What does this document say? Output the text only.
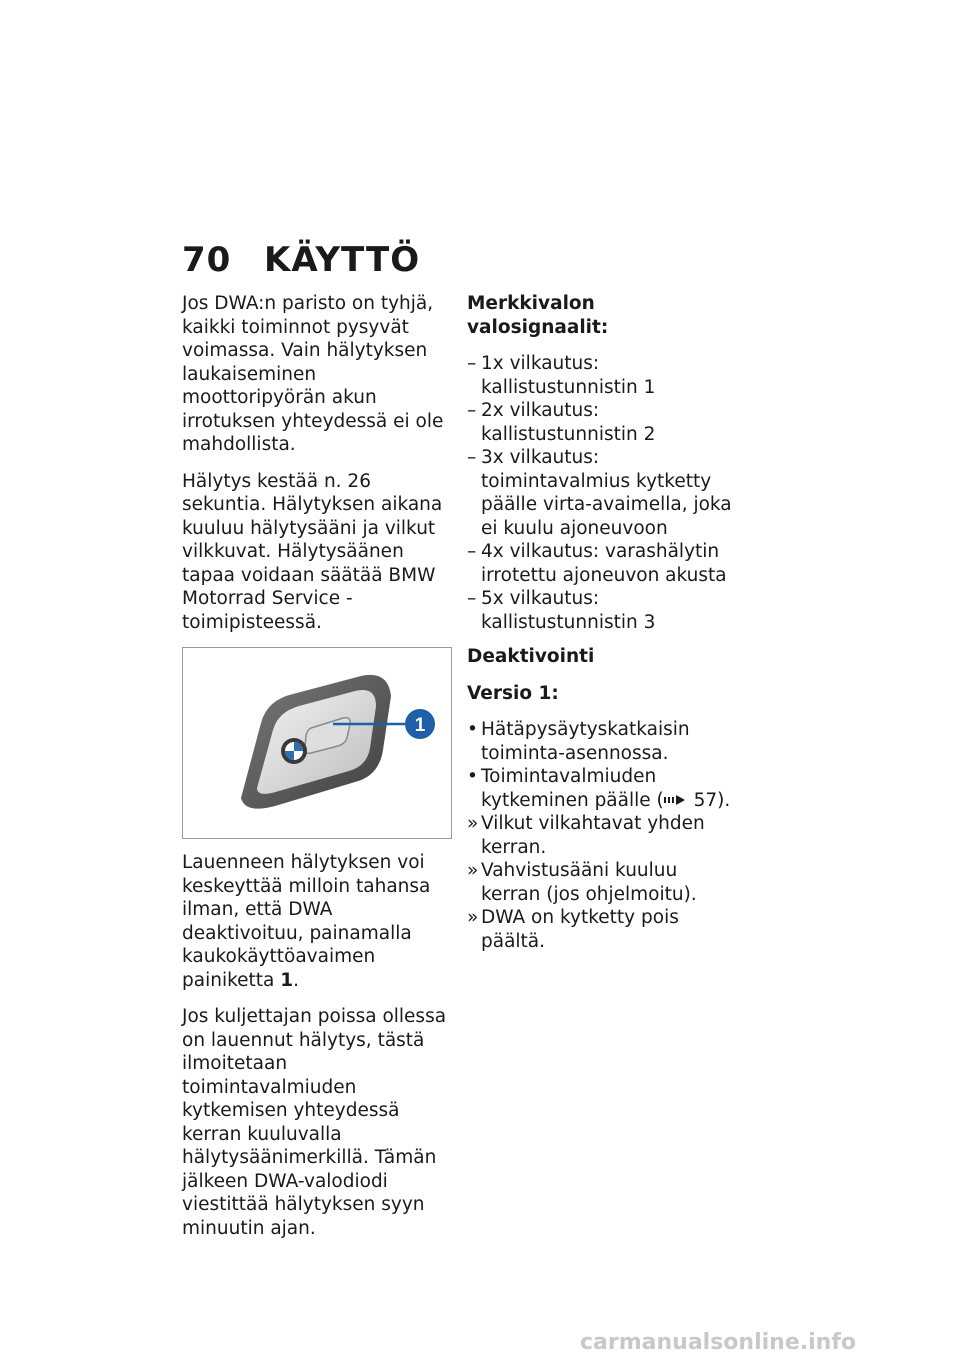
70 KÄYTTÖ

Jos DWA:n paristo on tyhjä, kaikki toiminnot pysyvät voimassa. Vain hälytyksen laukaiseminen moottoripyörän akun irrotuksen yhteydessä ei ole mahdollista.

Hälytys kestää n. 26 sekuntia. Hälytyksen aikana kuuluu hälytysääni ja vilkut vilkkuvat. Hälytysäänen tapaa voidaan säätää BMW Motorrad Service -toimipisteessä.

1

Lauenneen hälytyksen voi keskeyttää milloin tahansa ilman, että DWA deaktivoituu, painamalla kaukokäyttöavaimen painiketta 1.

Jos kuljettajan poissa ollessa on lauennut hälytys, tästä ilmoitetaan toimintavalmiuden kytkemisen yhteydessä kerran kuuluvalla hälytysäänimerkillä. Tämän jälkeen DWA-valodiodi viestittää hälytyksen syyn minuutin ajan.

Merkkivalon valosignaalit:

– 1x vilkautus: kallistustunnistin 1
– 2x vilkautus: kallistustunnistin 2
– 3x vilkautus: toimintavalmius kytketty päälle virta-avaimella, joka ei kuulu ajoneuvoon
– 4x vilkautus: varashälytin irrotettu ajoneuvon akusta
– 5x vilkautus: kallistustunnistin 3

Deaktivointi

Versio 1:

• Hätäpysäytyskatkaisin toiminta-asennossa.
• Toimintavalmiuden kytkeminen päälle ( 57).
» Vilkut vilkahtavat yhden kerran.
» Vahvistusääni kuuluu kerran (jos ohjelmoitu).
» DWA on kytketty pois päältä.
carmanualsonline.info
